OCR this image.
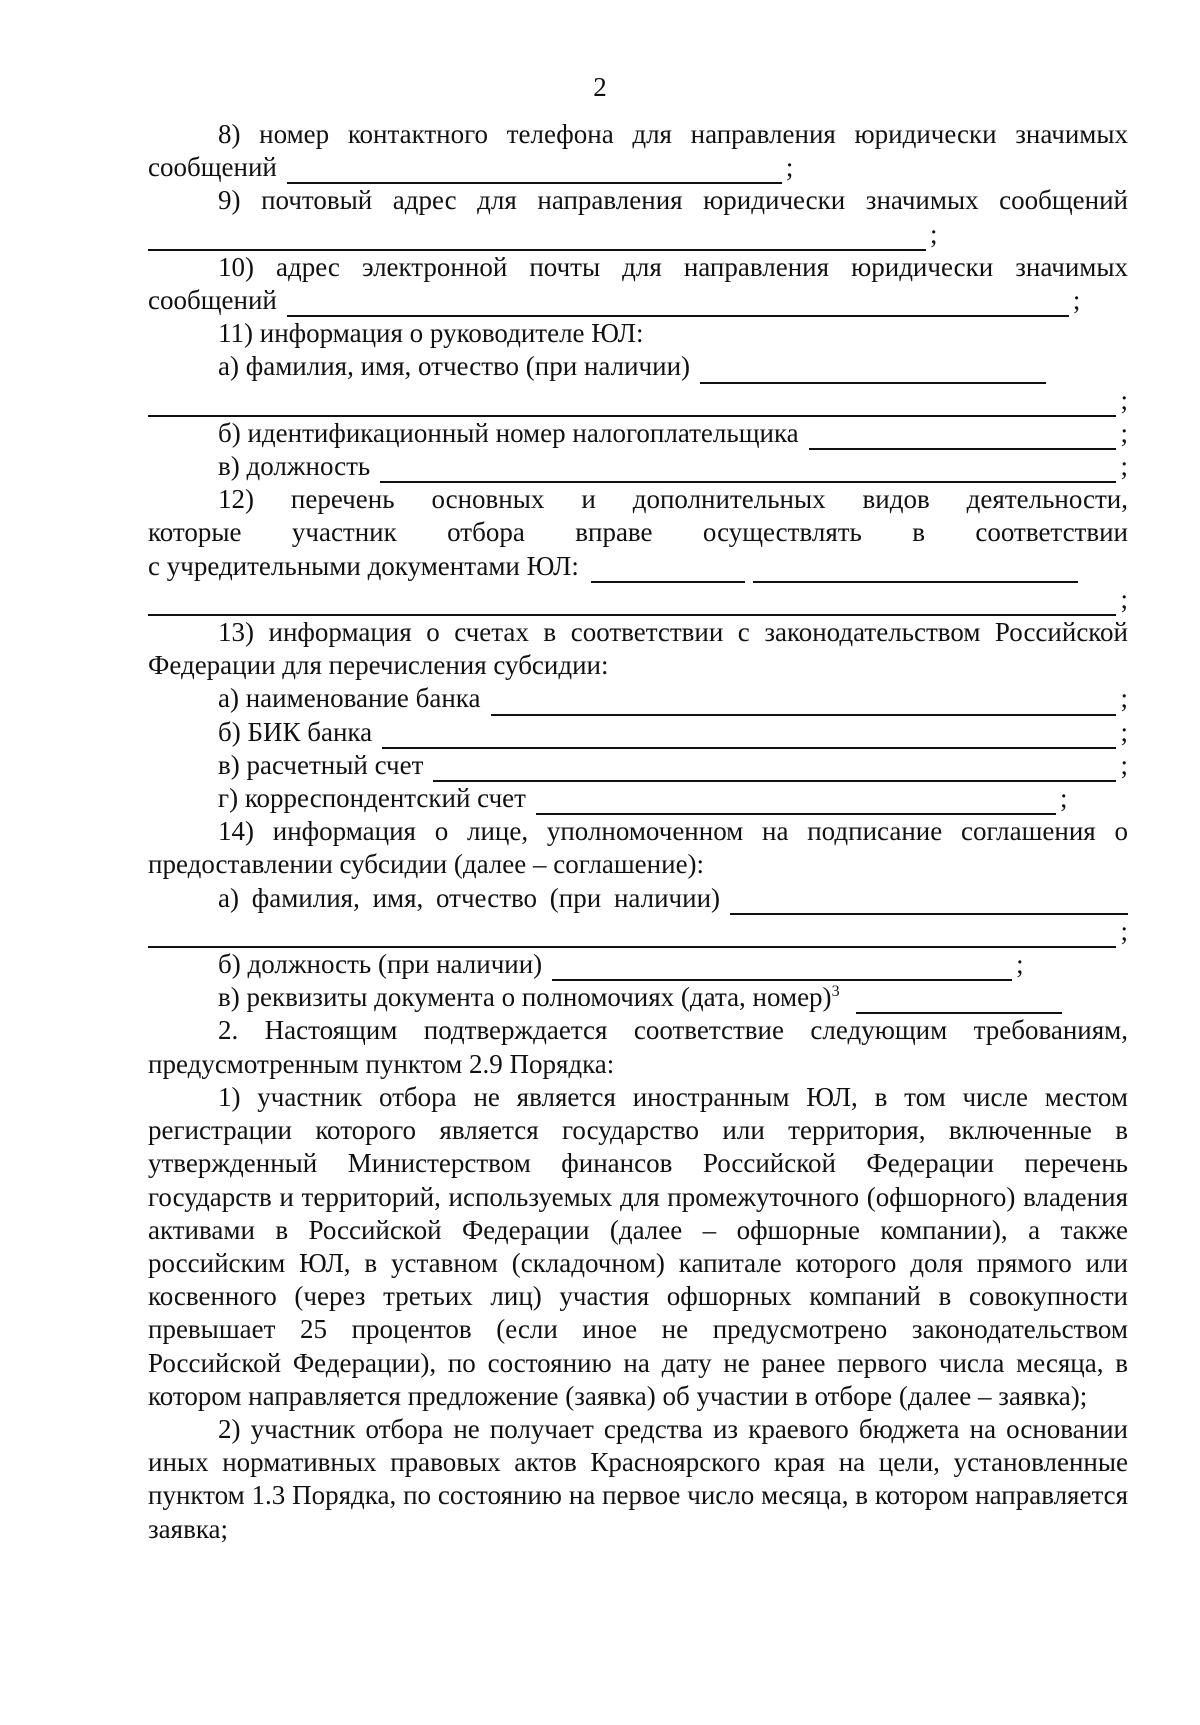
2

8) номер контактного телефона для направления юридически значимых

сообщений	;

9) почтовый адрес для направления юридически значимых сообщений

;

10) адрес электронной почты для направления юридически значимых

сообщений	;

11) информация о руководителе ЮЛ:

а) фамилия, имя, отчество (при наличии)
;
б) идентификационный номер налогоплательщика	;
в) должность	;

12) перечень основных и дополнительных видов деятельности,

которые участник отбора вправе осуществлять в соответствии

с учредительными документами ЮЛ:
;

13) информация о счетах в соответствии с законодательством Российской Федерации для перечисления субсидии:

а) наименование банка	;
б) БИК банка	;
в) расчетный счет	;
г) корреспондентский счет	;

14) информация о лице, уполномоченном на подписание соглашения о предоставлении субсидии (далее – соглашение):

а) фамилия, имя, отчество (при наличии)
;
б) должность (при наличии)	;
в) реквизиты документа о полномочиях (дата, номер)$^3$

2. Настоящим подтверждается соответствие следующим требованиям, предусмотренным пунктом 2.9 Порядка:

1) участник отбора не является иностранным ЮЛ, в том числе местом регистрации которого является государство или территория, включенные в утвержденный Министерством финансов Российской Федерации перечень государств и территорий, используемых для промежуточного (офшорного) владения активами в Российской Федерации (далее – офшорные компании), а также российским ЮЛ, в уставном (складочном) капитале которого доля прямого или косвенного (через третьих лиц) участия офшорных компаний в совокупности превышает 25 процентов (если иное не предусмотрено законодательством Российской Федерации), по состоянию на дату не ранее первого числа месяца, в котором направляется предложение (заявка) об участии в отборе (далее – заявка);

2) участник отбора не получает средства из краевого бюджета на основании иных нормативных правовых актов Красноярского края на цели, установленные пунктом 1.3 Порядка, по состоянию на первое число месяца, в котором направляется заявка;
